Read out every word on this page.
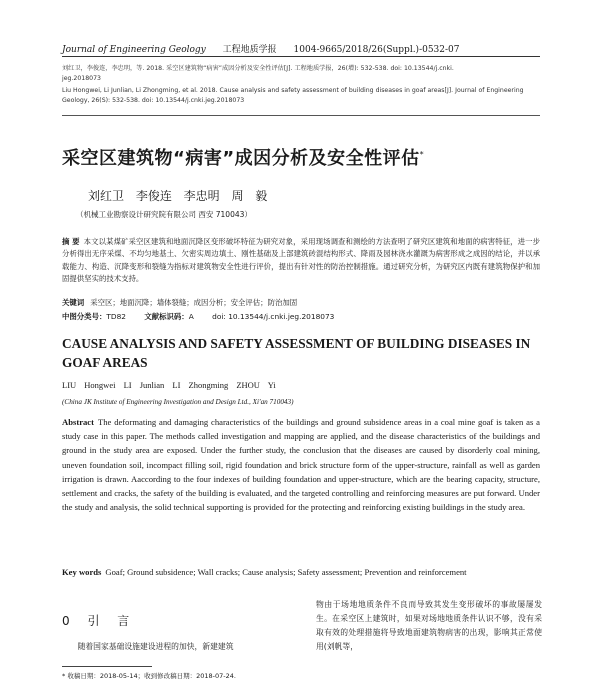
Journal of Engineering Geology 工程地质学报 1004-9665/2018/26(Suppl.)-0532-07
刘红卫，李俊连，李忠明，等. 2018. 采空区建筑物“病害”成因分析及安全性评估[J]. 工程地质学报，26(增): 532-538. doi: 10.13544/j.cnki.
jeg.2018073
Liu Hongwei, Li Junlian, Li Zhongming, et al. 2018. Cause analysis and safety assessment of building diseases in goaf areas[J]. Journal of Engineering
Geology, 26(S): 532-538. doi: 10.13544/j.cnki.jeg.2018073
采空区建筑物“病害”成因分析及安全性评估*
刘红卫 李俊连 李忠明 周 毅
（机械工业勘察设计研究院有限公司 西安 710043）
摘 要 本文以某煤矿采空区建筑和地面沉降区变形破坏特征为研究对象，采用现场调查和测绘的方法查明了研究区建筑和地面的病害特征，进一步分析得出无序采煤、不均匀地基土、欠密实周边填土、刚性基础及上部建筑砖混结构形式、降雨及园林浇水灌溉为病害形成之成因的结论，并以承载能力、构造、沉降变形和裂缝为指标对建筑物安全性进行评价，提出有针对性的防治控制措施。通过研究分析，为研究区内既有建筑物保护和加固提供坚实的技术支持。
关键词 采空区；地面沉降；墙体裂缝；成因分析；安全评估；防治加固
中图分类号：TD82 文献标识码：A doi: 10.13544/j.cnki.jeg.2018073
CAUSE ANALYSIS AND SAFETY ASSESSMENT OF BUILDING DISEASES IN GOAF AREAS
LIU Hongwei LI Junlian LI Zhongming ZHOU Yi
(China JK Institute of Engineering Investigation and Design Ltd., Xi'an 710043)
Abstract The deformating and damaging characteristics of the buildings and ground subsidence areas in a coal mine goaf is taken as a study case in this paper. The methods called investigation and mapping are applied, and the disease characteristics of the buildings and ground in the study area are exposed. Under the further study, the conclusion that the diseases are caused by disorderly coal mining, uneven foundation soil, incompact filling soil, rigid foundation and brick structure form of the upper-structure, rainfall as well as garden irrigation is drawn. Aaccording to the four indexes of building foundation and upper-structure, which are the bearing capacity, structure, settlement and cracks, the safety of the building is evaluated, and the targeted controlling and reinforcing measures are put forward. Under the study and analysis, the solid technical supporting is provided for the protecting and reinforcing existing buildings in the study area.
Key words Goaf; Ground subsidence; Wall cracks; Cause analysis; Safety assessment; Prevention and reinforcement
0 引 言
随着国家基础设施建设进程的加快，新建建筑
物由于场地地质条件不良而导致其发生变形破坏的事故屡屡发生。在采空区上建筑时，如果对场地地质条件认识不够，没有采取有效的处理措施将导致地面建筑物病害的出现，影响其正常使用(刘帆等，
* 收稿日期：2018-05-14；收到修改稿日期：2018-07-24.
